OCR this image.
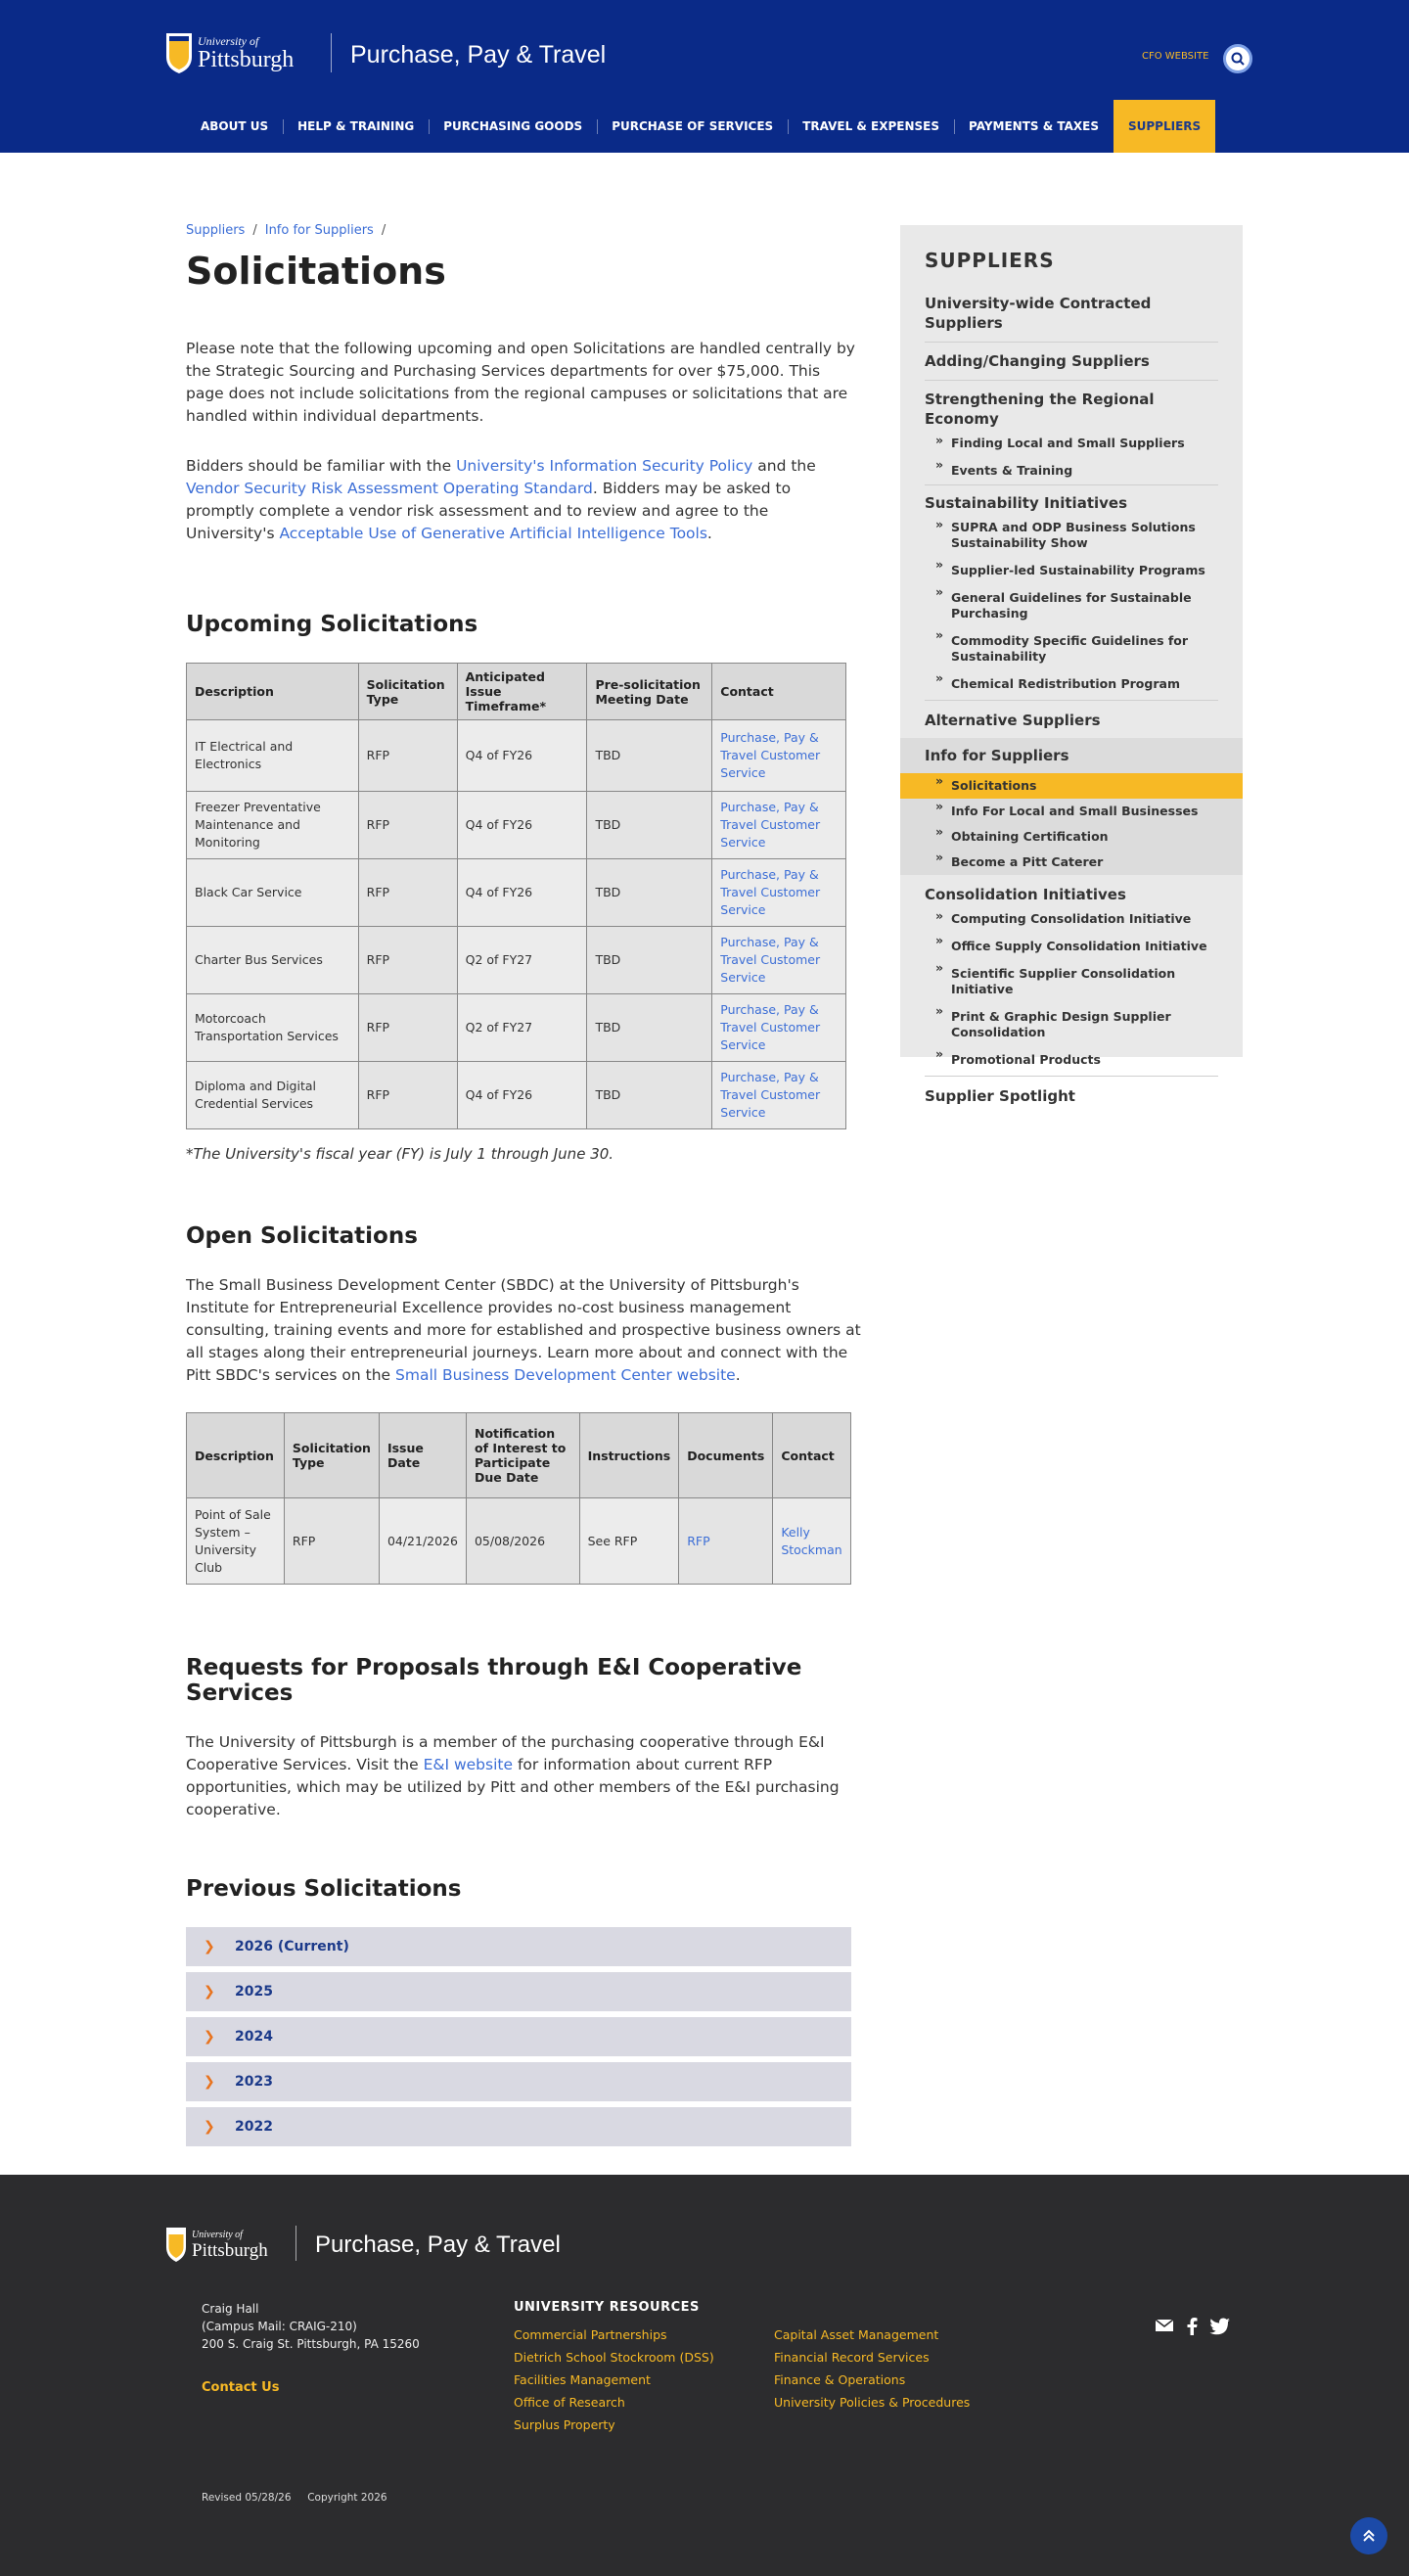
University of
Pittsburgh Purchase, Pay & Travel	CFO WEBSITE
ABOUT US	HELP & TRAINING	PURCHASING GOODS	PURCHASE OF SERVICES	TRAVEL & EXPENSES	PAYMENTS & TAXES	SUPPLIERS
Suppliers / Info for Suppliers /
Solicitations

Please note that the following upcoming and open Solicitations are handled centrally by the Strategic Sourcing and Purchasing Services departments for over $75,000. This page does not include solicitations from the regional campuses or solicitations that are handled within individual departments.

Bidders should be familiar with the University's Information Security Policy and the Vendor Security Risk Assessment Operating Standard. Bidders may be asked to promptly complete a vendor risk assessment and to review and agree to the University's Acceptable Use of Generative Artificial Intelligence Tools.

Upcoming Solicitations
Description	Solicitation Type	Anticipated Issue Timeframe*	Pre-solicitation Meeting Date	Contact
IT Electrical and Electronics	RFP	Q4 of FY26	TBD	Purchase, Pay & Travel Customer Service
Freezer Preventative Maintenance and Monitoring	RFP	Q4 of FY26	TBD	Purchase, Pay & Travel Customer Service
Black Car Service	RFP	Q4 of FY26	TBD	Purchase, Pay & Travel Customer Service
Charter Bus Services	RFP	Q2 of FY27	TBD	Purchase, Pay & Travel Customer Service
Motorcoach Transportation Services	RFP	Q2 of FY27	TBD	Purchase, Pay & Travel Customer Service
Diploma and Digital Credential Services	RFP	Q4 of FY26	TBD	Purchase, Pay & Travel Customer Service

*The University's fiscal year (FY) is July 1 through June 30.

Open Solicitations

The Small Business Development Center (SBDC) at the University of Pittsburgh's Institute for Entrepreneurial Excellence provides no-cost business management consulting, training events and more for established and prospective business owners at all stages along their entrepreneurial journeys. Learn more about and connect with the Pitt SBDC's services on the Small Business Development Center website.

Description	Solicitation Type	Issue Date	Notification of Interest to Participate Due Date	Instructions	Documents	Contact
Point of Sale System – University Club	RFP	04/21/2026	05/08/2026	See RFP	RFP	Kelly Stockman
Requests for Proposals through E&I Cooperative Services

The University of Pittsburgh is a member of the purchasing cooperative through E&I Cooperative Services. Visit the E&I website for information about current RFP opportunities, which may be utilized by Pitt and other members of the E&I purchasing cooperative.

Previous Solicitations
❯	2026 (Current)
❯	2025
❯	2024
❯	2023
❯	2022
SUPPLIERS
University-wide Contracted Suppliers
Adding/Changing Suppliers
Strengthening the Regional Economy
» Finding Local and Small Suppliers
» Events & Training
Sustainability Initiatives
» SUPRA and ODP Business Solutions Sustainability Show
» Supplier-led Sustainability Programs
» General Guidelines for Sustainable Purchasing
» Commodity Specific Guidelines for Sustainability
» Chemical Redistribution Program
Alternative Suppliers
Info for Suppliers
» Solicitations
» Info For Local and Small Businesses
» Obtaining Certification
» Become a Pitt Caterer
Consolidation Initiatives
» Computing Consolidation Initiative
» Office Supply Consolidation Initiative
» Scientific Supplier Consolidation Initiative
» Print & Graphic Design Supplier Consolidation
» Promotional Products
Supplier Spotlight
University of
Pittsburgh Purchase, Pay & Travel
Craig Hall
(Campus Mail: CRAIG-210)
200 S. Craig St. Pittsburgh, PA 15260
Contact Us
UNIVERSITY RESOURCES
Commercial Partnerships
Dietrich School Stockroom (DSS)
Facilities Management
Office of Research
Surplus Property
Capital Asset Management
Financial Record Services
Finance & Operations
University Policies & Procedures
Revised 05/28/26 Copyright 2026
